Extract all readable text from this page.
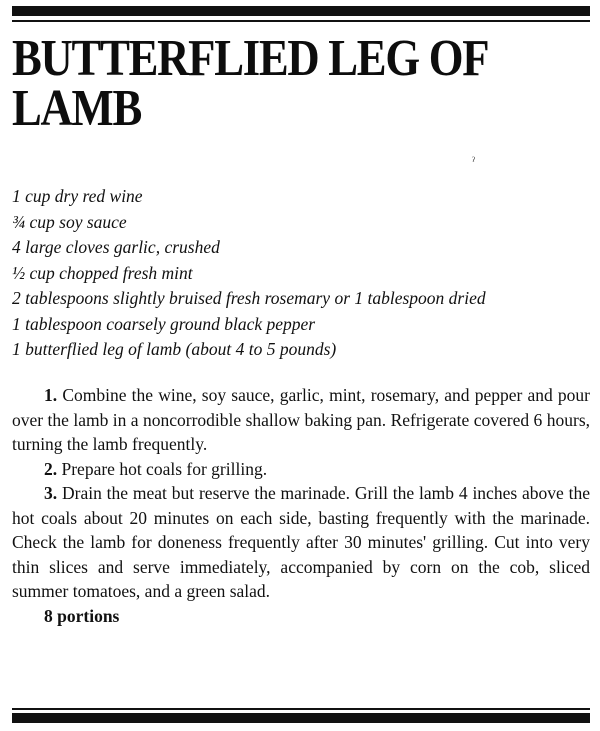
BUTTERFLIED LEG OF
LAMB
ˀ
1 cup dry red wine
¾ cup soy sauce
4 large cloves garlic, crushed
½ cup chopped fresh mint
2 tablespoons slightly bruised fresh rosemary or 1 tablespoon dried
1 tablespoon coarsely ground black pepper
1 butterflied leg of lamb (about 4 to 5 pounds)

1. Combine the wine, soy sauce, garlic, mint, rosemary, and pepper and pour over the lamb in a noncorrodible shallow baking pan. Refrigerate covered 6 hours, turning the lamb frequently.

2. Prepare hot coals for grilling.

3. Drain the meat but reserve the marinade. Grill the lamb 4 inches above the hot coals about 20 minutes on each side, basting frequently with the marinade. Check the lamb for doneness frequently after 30 minutes' grilling. Cut into very thin slices and serve immediately, accompanied by corn on the cob, sliced summer tomatoes, and a green salad.

8 portions
